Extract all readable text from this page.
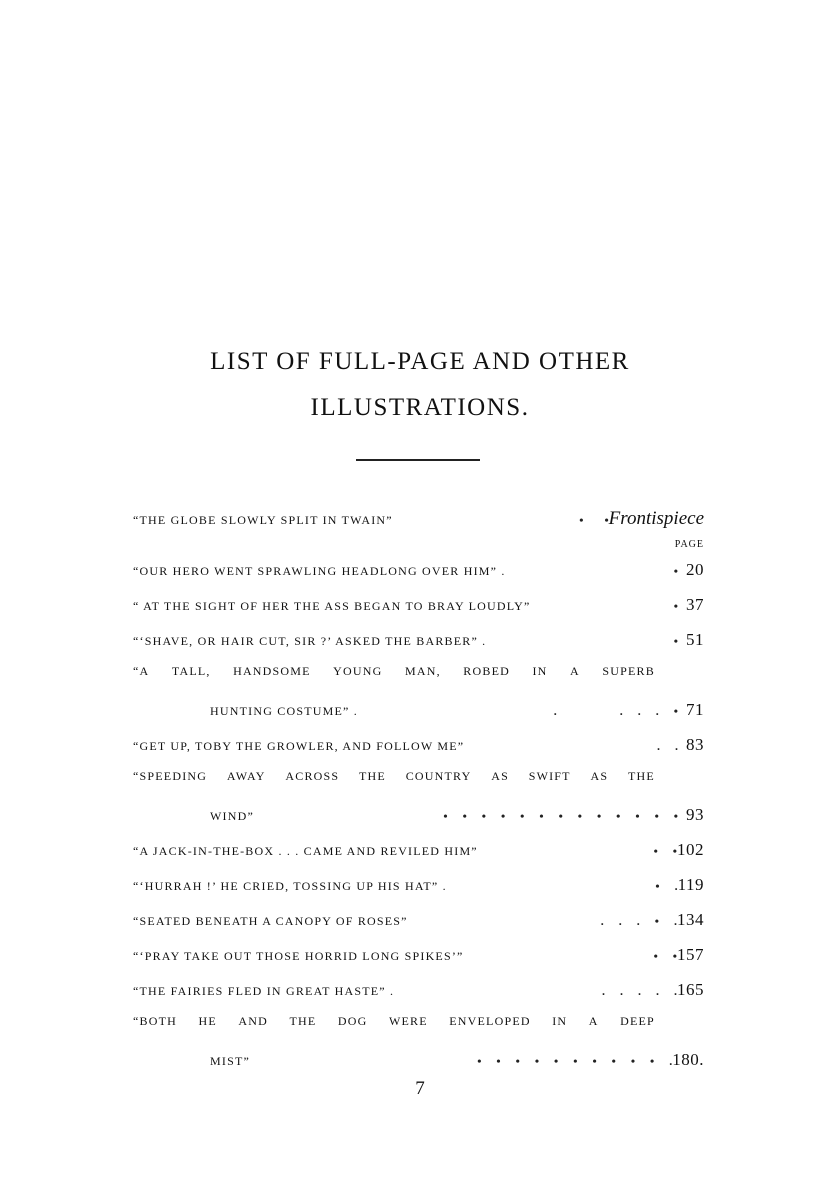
LIST OF FULL-PAGE AND OTHER
ILLUSTRATIONS.
“THE GLOBE SLOWLY SPLIT IN TWAIN”	•       • Frontispiece
PAGE
“OUR HERO WENT SPRAWLING HEADLONG OVER HIM” .	• 20
“ AT THE SIGHT OF HER THE ASS BEGAN TO BRAY LOUDLY”	• 37
“‘SHAVE, OR HAIR CUT, SIR ?’ ASKED THE BARBER” .	• 51
“A TALL, HANDSOME YOUNG MAN, ROBED IN A SUPERB
HUNTING COSTUME” .	.                     .     .     .     • 71
“GET UP, TOBY THE GROWLER, AND FOLLOW ME”	.     . 83
“SPEEDING AWAY ACROSS THE COUNTRY AS SWIFT AS THE
WIND”	•     •     •     •     •     •     •     •     •     •     •     •     • 93
“A JACK-IN-THE-BOX . . . CAME AND REVILED HIM”	•     • 102
“‘HURRAH !’ HE CRIED, TOSSING UP HIS HAT” .	•     . 119
“SEATED BENEATH A CANOPY OF ROSES”	.     .     .     •     . 134
“‘PRAY TAKE OUT THOSE HORRID LONG SPIKES’”	•     • 157
“THE FAIRIES FLED IN GREAT HASTE” .	.     .     .     .     . 165
“BOTH HE AND THE DOG WERE ENVELOPED IN A DEEP
MIST”	•     •     •     •     •     •     •     •     •     •     . 180.
7
